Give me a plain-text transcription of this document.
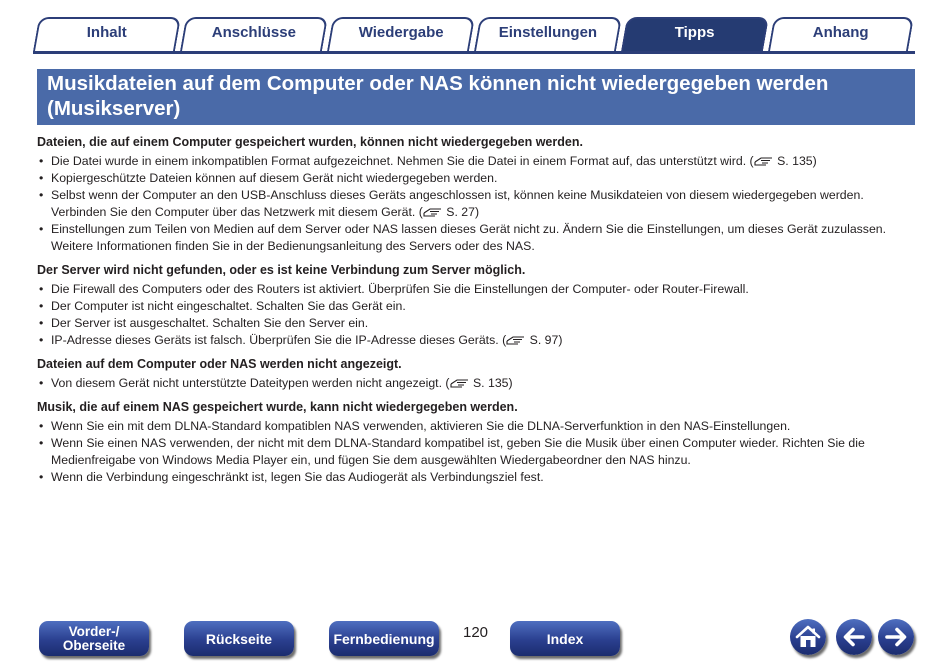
Inhalt	Anschlüsse	Wiedergabe	Einstellungen	Tipps	Anhang
Musikdateien auf dem Computer oder NAS können nicht wiedergegeben werden
(Musikserver)
Dateien, die auf einem Computer gespeichert wurden, können nicht wiedergegeben werden.
• Die Datei wurde in einem inkompatiblen Format aufgezeichnet. Nehmen Sie die Datei in einem Format auf, das unterstützt wird. ( S. 135)
• Kopiergeschützte Dateien können auf diesem Gerät nicht wiedergegeben werden.
• Selbst wenn der Computer an den USB-Anschluss dieses Geräts angeschlossen ist, können keine Musikdateien von diesem wiedergegeben werden. Verbinden Sie den Computer über das Netzwerk mit diesem Gerät. ( S. 27)
• Einstellungen zum Teilen von Medien auf dem Server oder NAS lassen dieses Gerät nicht zu. Ändern Sie die Einstellungen, um dieses Gerät zuzulassen. Weitere Informationen finden Sie in der Bedienungsanleitung des Servers oder des NAS.
Der Server wird nicht gefunden, oder es ist keine Verbindung zum Server möglich.
• Die Firewall des Computers oder des Routers ist aktiviert. Überprüfen Sie die Einstellungen der Computer- oder Router-Firewall.
• Der Computer ist nicht eingeschaltet. Schalten Sie das Gerät ein.
• Der Server ist ausgeschaltet. Schalten Sie den Server ein.
• IP-Adresse dieses Geräts ist falsch. Überprüfen Sie die IP-Adresse dieses Geräts. ( S. 97)
Dateien auf dem Computer oder NAS werden nicht angezeigt.
• Von diesem Gerät nicht unterstützte Dateitypen werden nicht angezeigt. ( S. 135)
Musik, die auf einem NAS gespeichert wurde, kann nicht wiedergegeben werden.
• Wenn Sie ein mit dem DLNA-Standard kompatiblen NAS verwenden, aktivieren Sie die DLNA-Serverfunktion in den NAS-Einstellungen.
• Wenn Sie einen NAS verwenden, der nicht mit dem DLNA-Standard kompatibel ist, geben Sie die Musik über einen Computer wieder. Richten Sie die Medienfreigabe von Windows Media Player ein, und fügen Sie dem ausgewählten Wiedergabeordner den NAS hinzu.
• Wenn die Verbindung eingeschränkt ist, legen Sie das Audiogerät als Verbindungsziel fest.
Vorder-/
Oberseite	Rückseite	Fernbedienung 120	Index
